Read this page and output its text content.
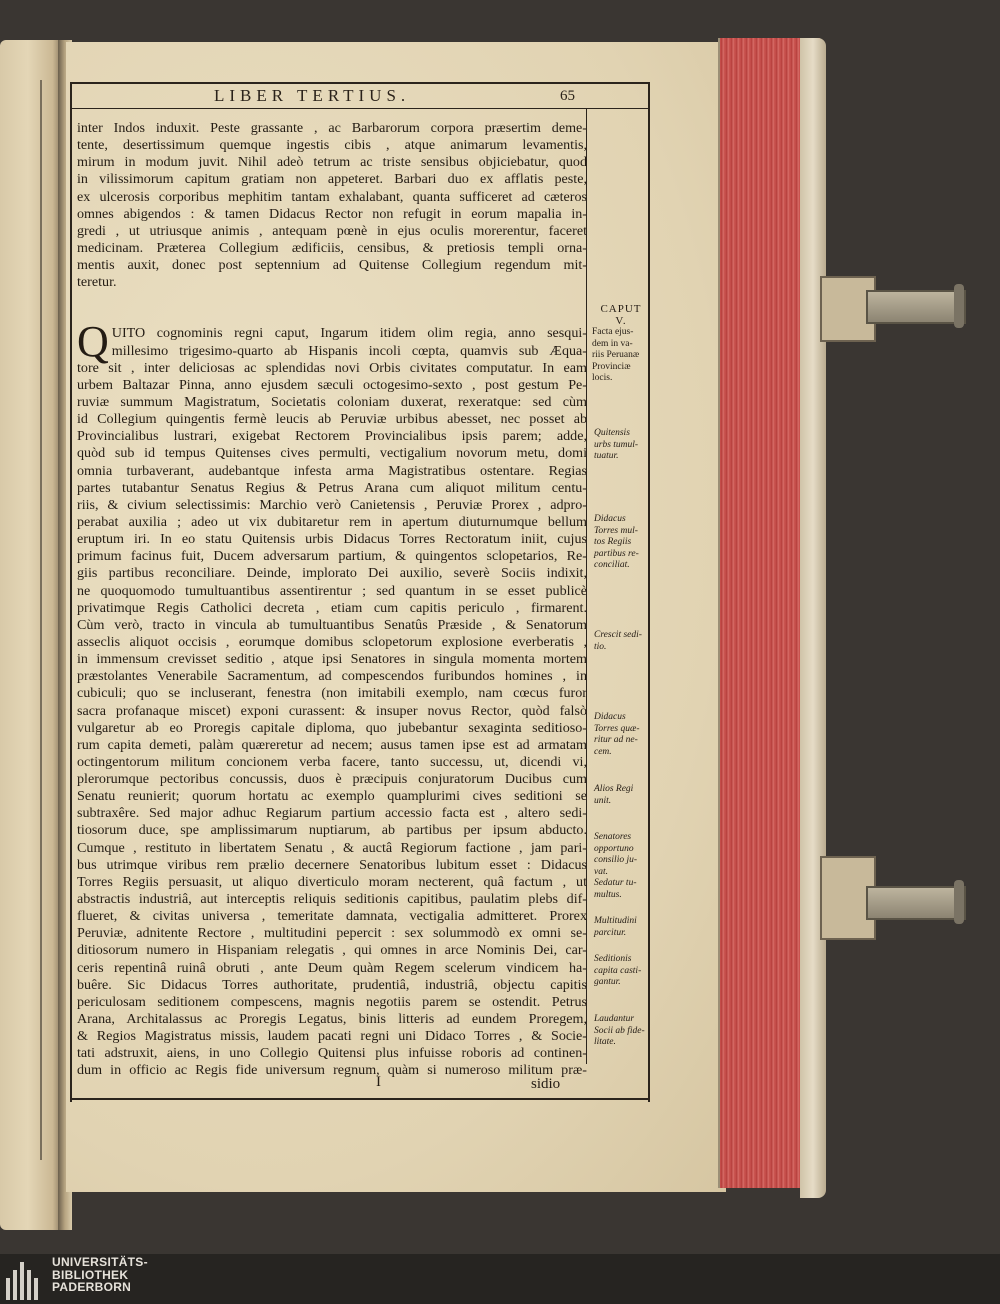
LIBER TERTIUS.	65
inter Indos induxit. Peste grassante , ac Barbarorum corpora præsertim deme-
tente, desertissimum quemque ingestis cibis , atque animarum levamentis,
mirum in modum juvit. Nihil adeò tetrum ac triste sensibus objiciebatur, quod
in vilissimorum capitum gratiam non appeteret. Barbari duo ex afflatis peste,
ex ulcerosis corporibus mephitim tantam exhalabant, quanta sufficeret ad cæteros
omnes abigendos : & tamen Didacus Rector non refugit in eorum mapalia in-
gredi , ut utriusque animis , antequam pœnè in ejus oculis morerentur, faceret
medicinam. Præterea Collegium ædificiis, censibus, & pretiosis templi orna-
mentis auxit, donec post septennium ad Quitense Collegium regendum mit-
teretur.
Q UITO cognominis regni caput, Ingarum itidem olim regia, anno sesqui-
millesimo trigesimo-quarto ab Hispanis incoli cœpta, quamvis sub Æqua-
tore sit , inter deliciosas ac splendidas novi Orbis civitates computatur. In eam
urbem Baltazar Pinna, anno ejusdem sæculi octogesimo-sexto , post gestum Pe-
ruviæ summum Magistratum, Societatis coloniam duxerat, rexeratque: sed cùm
id Collegium quingentis fermè leucis ab Peruviæ urbibus abesset, nec posset ab
Provincialibus lustrari, exigebat Rectorem Provincialibus ipsis parem; adde,
quòd sub id tempus Quitenses cives permulti, vectigalium novorum metu, domi
omnia turbaverant, audebantque infesta arma Magistratibus ostentare. Regias
partes tutabantur Senatus Regius & Petrus Arana cum aliquot militum centu-
riis, & civium selectissimis: Marchio verò Canietensis , Peruviæ Prorex , adpro-
perabat auxilia ; adeo ut vix dubitaretur rem in apertum diuturnumque bellum
eruptum iri. In eo statu Quitensis urbis Didacus Torres Rectoratum iniit, cujus
primum facinus fuit, Ducem adversarum partium, & quingentos sclopetarios, Re-
giis partibus reconciliare. Deinde, implorato Dei auxilio, severè Sociis indixit,
ne quoquomodo tumultuantibus assentirentur ; sed quantum in se esset publicè
privatimque Regis Catholici decreta , etiam cum capitis periculo , firmarent.
Cùm verò, tracto in vincula ab tumultuantibus Senatûs Præside , & Senatorum
asseclis aliquot occisis , eorumque domibus sclopetorum explosione everberatis ,
in immensum crevisset seditio , atque ipsi Senatores in singula momenta mortem
præstolantes Venerabile Sacramentum, ad compescendos furibundos homines , in
cubiculi; quo se incluserant, fenestra (non imitabili exemplo, nam cœcus furor
sacra profanaque miscet) exponi curassent: & insuper novus Rector, quòd falsò
vulgaretur ab eo Proregis capitale diploma, quo jubebantur sexaginta seditioso-
rum capita demeti, palàm quæreretur ad necem; ausus tamen ipse est ad armatam
octingentorum militum concionem verba facere, tanto successu, ut, dicendi vi,
plerorumque pectoribus concussis, duos è præcipuis conjuratorum Ducibus cum
Senatu reunierit; quorum hortatu ac exemplo quamplurimi cives seditioni se
subtraxêre. Sed major adhuc Regiarum partium accessio facta est , altero sedi-
tiosorum duce, spe amplissimarum nuptiarum, ab partibus per ipsum abducto.
Cumque , restituto in libertatem Senatu , & auctâ Regiorum factione , jam pari-
bus utrimque viribus rem prælio decernere Senatoribus lubitum esset : Didacus
Torres Regiis persuasit, ut aliquo diverticulo moram necterent, quâ factum , ut
abstractis industriâ, aut interceptis reliquis seditionis capitibus, paulatim plebs dif-
flueret, & civitas universa , temeritate damnata, vectigalia admitteret. Prorex
Peruviæ, adnitente Rectore , multitudini pepercit : sex solummodò ex omni se-
ditiosorum numero in Hispaniam relegatis , qui omnes in arce Nominis Dei, car-
ceris repentinâ ruinâ obruti , ante Deum quàm Regem scelerum vindicem ha-
buêre. Sic Didacus Torres authoritate, prudentiâ, industriâ, objectu capitis
periculosam seditionem compescens, magnis negotiis parem se ostendit. Petrus
Arana, Architalassus ac Proregis Legatus, binis litteris ad eundem Proregem,
& Regios Magistratus missis, laudem pacati regni uni Didaco Torres , & Socie-
tati adstruxit, aiens, in uno Collegio Quitensi plus infuisse roboris ad continen-
dum in officio ac Regis fide universum regnum, quàm si numeroso militum præ-
I	sidio
CAPUT
V.
Facta ejus-
dem in va-
riis Peruanæ
Provinciæ
locis.
Quitensis
urbs tumul-
tuatur.
Didacus
Torres mul-
tos Regiis
partibus re-
conciliat.
Crescit sedi-
tio.
Didacus
Torres quæ-
ritur ad ne-
cem.
Alios Regi
unit.
Senatores
opportuno
consilio ju-
vat.
Sedatur tu-
multus.
Multitudini
parcitur.
Seditionis
capita casti-
gantur.
Laudantur
Socii ab fide-
litate.
UNIVERSITÄTS-
BIBLIOTHEK
PADERBORN
